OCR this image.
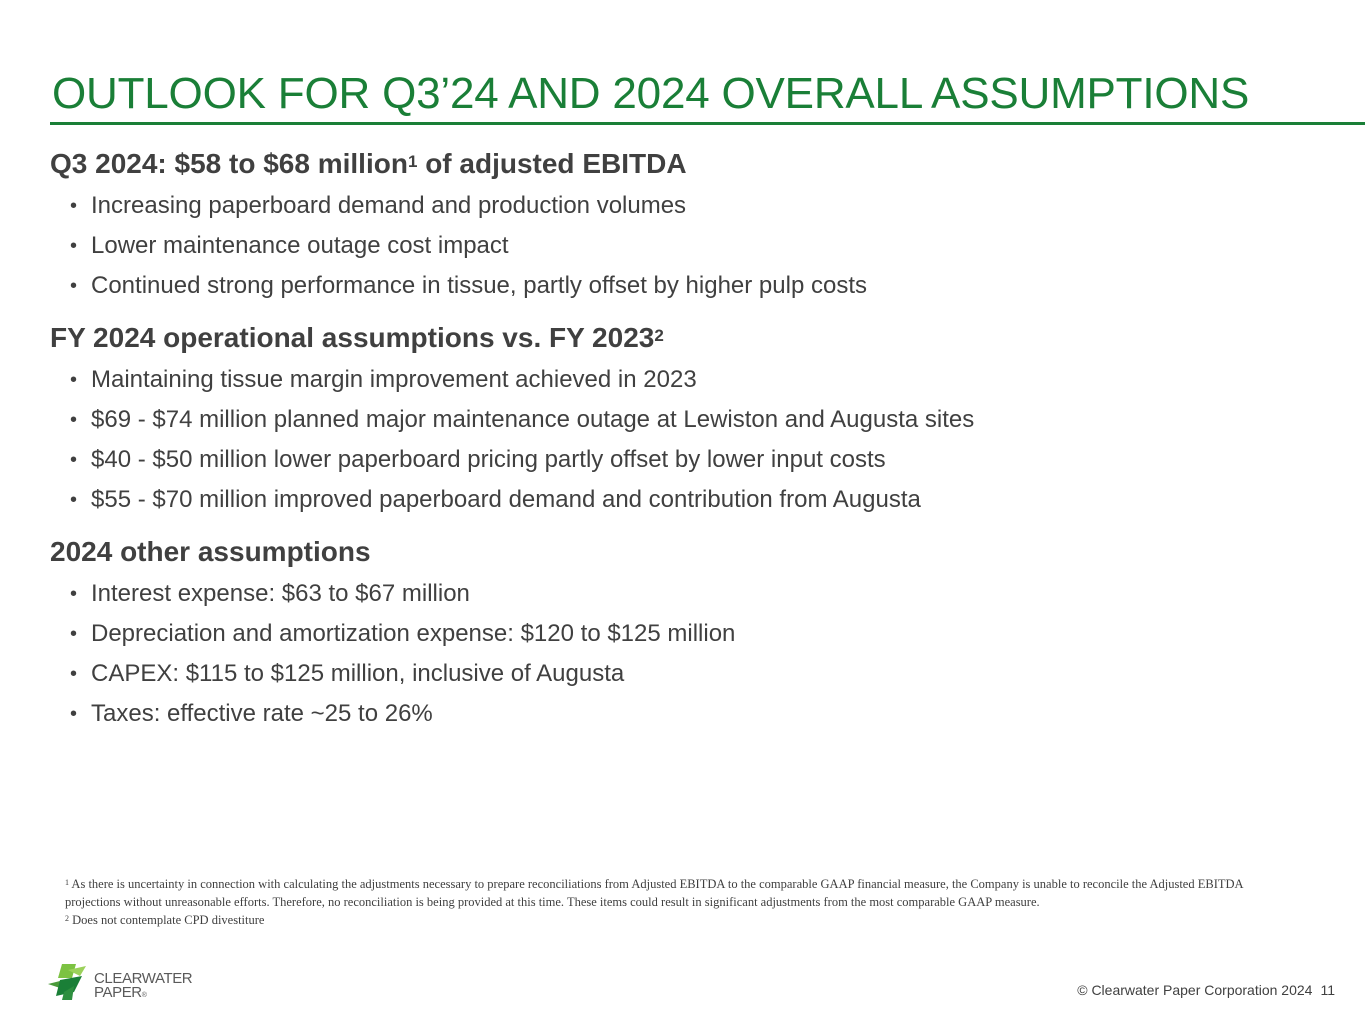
OUTLOOK FOR Q3’24 AND 2024 OVERALL ASSUMPTIONS

Q3 2024: $58 to $68 million$^1$ of adjusted EBITDA

• Increasing paperboard demand and production volumes
• Lower maintenance outage cost impact
• Continued strong performance in tissue, partly offset by higher pulp costs

FY 2024 operational assumptions vs. FY 2023$^2$

• Maintaining tissue margin improvement achieved in 2023
• $69 - $74 million planned major maintenance outage at Lewiston and Augusta sites
• $40 - $50 million lower paperboard pricing partly offset by lower input costs
• $55 - $70 million improved paperboard demand and contribution from Augusta

2024 other assumptions

• Interest expense: $63 to $67 million
• Depreciation and amortization expense: $120 to $125 million
• CAPEX: $115 to $125 million, inclusive of Augusta
• Taxes: effective rate ~25 to 26%

$^1$ As there is uncertainty in connection with calculating the adjustments necessary to prepare reconciliations from Adjusted EBITDA to the comparable GAAP financial measure, the Company is unable to reconcile the Adjusted EBITDA projections without unreasonable efforts. Therefore, no reconciliation is being provided at this time. These items could result in significant adjustments from the most comparable GAAP measure.

$^2$ Does not contemplate CPD divestiture

CLEARWATER
PAPER®	© Clearwater Paper Corporation 2024 11
